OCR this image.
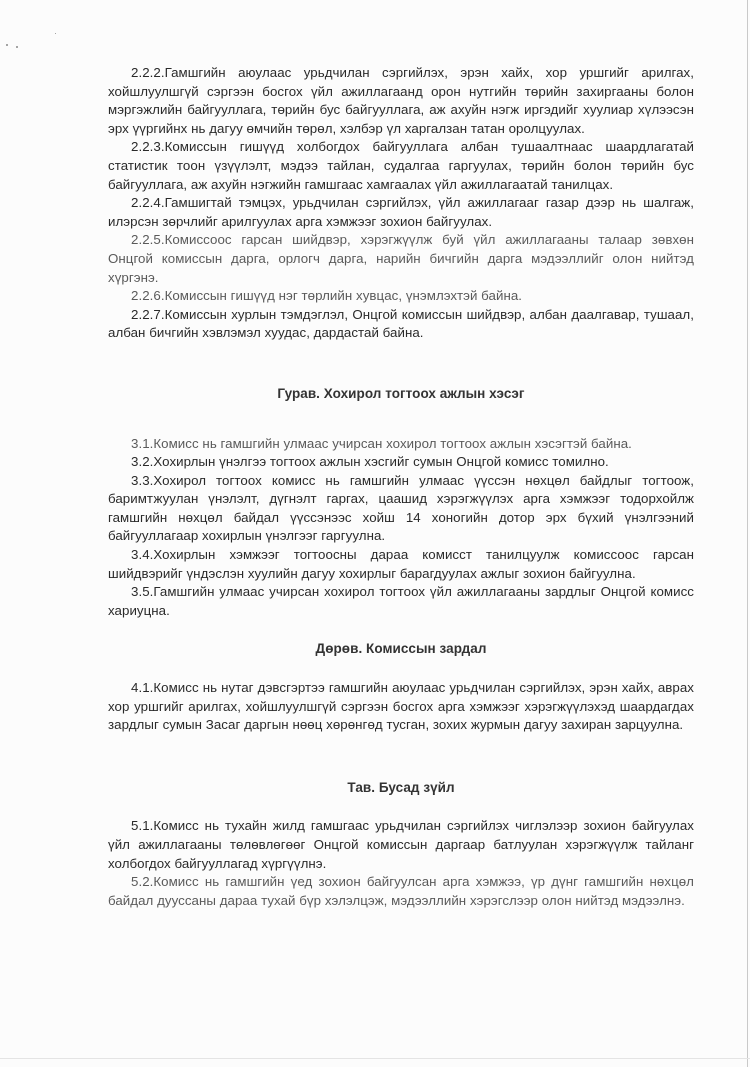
2.2.2.Гамшгийн аюулаас урьдчилан сэргийлэх, эрэн хайх, хор уршгийг арилгах, хойшлуулшгүй сэргээн босгох үйл ажиллагаанд орон нутгийн төрийн захиргааны болон мэргэжлийн байгууллага, төрийн бус байгууллага, аж ахуйн нэгж иргэдийг хуулиар хүлээсэн эрх үүргийнх нь дагуу өмчийн төрөл, хэлбэр үл харгалзан татан оролцуулах.

2.2.3.Комиссын гишүүд холбогдох байгууллага албан тушаалтнаас шаардлагатай статистик тоон үзүүлэлт, мэдээ тайлан, судалгаа гаргуулах, төрийн болон төрийн бус байгууллага, аж ахуйн нэгжийн гамшгаас хамгаалах үйл ажиллагаатай танилцах.

2.2.4.Гамшигтай тэмцэх, урьдчилан сэргийлэх, үйл ажиллагааг газар дээр нь шалгаж, илэрсэн зөрчлийг арилгуулах арга хэмжээг зохион байгуулах.

2.2.5.Комиссоос гарсан шийдвэр, хэрэгжүүлж буй үйл ажиллагааны талаар зөвхөн Онцгой комиссын дарга, орлогч дарга, нарийн бичгийн дарга мэдээллийг олон нийтэд хүргэнэ.

2.2.6.Комиссын гишүүд нэг төрлийн хувцас, үнэмлэхтэй байна.

2.2.7.Комиссын хурлын тэмдэглэл, Онцгой комиссын шийдвэр, албан даалгавар, тушаал, албан бичгийн хэвлэмэл хуудас, дардастай байна.

Гурав. Хохирол тогтоох ажлын хэсэг

3.1.Комисс нь гамшгийн улмаас учирсан хохирол тогтоох ажлын хэсэгтэй байна.

3.2.Хохирлын үнэлгээ тогтоох ажлын хэсгийг сумын Онцгой комисс томилно.

3.3.Хохирол тогтоох комисс нь гамшгийн улмаас үүссэн нөхцөл байдлыг тогтоож, баримтжуулан үнэлэлт, дүгнэлт гаргах, цаашид хэрэгжүүлэх арга хэмжээг тодорхойлж гамшгийн нөхцөл байдал үүссэнээс хойш 14 хоногийн дотор эрх бүхий үнэлгээний байгууллагаар хохирлын үнэлгээг гаргуулна.

3.4.Хохирлын хэмжээг тогтоосны дараа комисст танилцуулж комиссоос гарсан шийдвэрийг үндэслэн хуулийн дагуу хохирлыг барагдуулах ажлыг зохион байгуулна.

3.5.Гамшгийн улмаас учирсан хохирол тогтоох үйл ажиллагааны зардлыг Онцгой комисс хариуцна.

Дөрөв. Комиссын зардал

4.1.Комисс нь нутаг дэвсгэртээ гамшгийн аюулаас урьдчилан сэргийлэх, эрэн хайх, аврах хор уршгийг арилгах, хойшлуулшгүй сэргээн босгох арга хэмжээг хэрэгжүүлэхэд шаардагдах зардлыг сумын Засаг даргын нөөц хөрөнгөд тусган, зохих журмын дагуу захиран зарцуулна.

Тав. Бусад зүйл

5.1.Комисс нь тухайн жилд гамшгаас урьдчилан сэргийлэх чиглэлээр зохион байгуулах үйл ажиллагааны төлөвлөгөөг Онцгой комиссын даргаар батлуулан хэрэгжүүлж тайланг холбогдох байгууллагад хүргүүлнэ.

5.2.Комисс нь гамшгийн үед зохион байгуулсан арга хэмжээ, үр дүнг гамшгийн нөхцөл байдал дууссаны дараа тухай бүр хэлэлцэж, мэдээллийн хэрэгслээр олон нийтэд мэдээлнэ.
